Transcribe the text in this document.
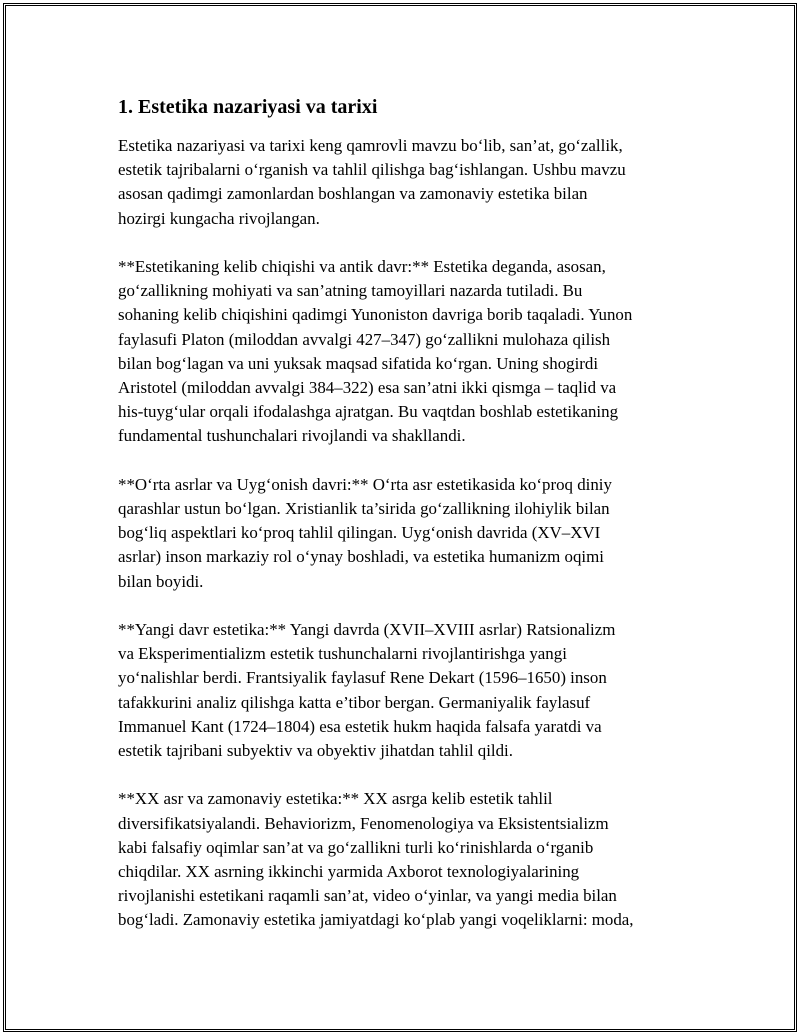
1. Estetika nazariyasi va tarixi

Estetika nazariyasi va tarixi keng qamrovli mavzu bo‘lib, san’at, go‘zallik,
estetik tajribalarni o‘rganish va tahlil qilishga bag‘ishlangan. Ushbu mavzu
asosan qadimgi zamonlardan boshlangan va zamonaviy estetika bilan
hozirgi kungacha rivojlangan.

**Estetikaning kelib chiqishi va antik davr:** Estetika deganda, asosan,
go‘zallikning mohiyati va san’atning tamoyillari nazarda tutiladi. Bu
sohaning kelib chiqishini qadimgi Yunoniston davriga borib taqaladi. Yunon
faylasufi Platon (miloddan avvalgi 427–347) go‘zallikni mulohaza qilish
bilan bog‘lagan va uni yuksak maqsad sifatida ko‘rgan. Uning shogirdi
Aristotel (miloddan avvalgi 384–322) esa san’atni ikki qismga – taqlid va
his-tuyg‘ular orqali ifodalashga ajratgan. Bu vaqtdan boshlab estetikaning
fundamental tushunchalari rivojlandi va shakllandi.

**O‘rta asrlar va Uyg‘onish davri:** O‘rta asr estetikasida ko‘proq diniy
qarashlar ustun bo‘lgan. Xristianlik ta’sirida go‘zallikning ilohiylik bilan
bog‘liq aspektlari ko‘proq tahlil qilingan. Uyg‘onish davrida (XV–XVI
asrlar) inson markaziy rol o‘ynay boshladi, va estetika humanizm oqimi
bilan boyidi.

**Yangi davr estetika:** Yangi davrda (XVII–XVIII asrlar) Ratsionalizm
va Eksperimentializm estetik tushunchalarni rivojlantirishga yangi
yo‘nalishlar berdi. Frantsiyalik faylasuf Rene Dekart (1596–1650) inson
tafakkurini analiz qilishga katta e’tibor bergan. Germaniyalik faylasuf
Immanuel Kant (1724–1804) esa estetik hukm haqida falsafa yaratdi va
estetik tajribani subyektiv va obyektiv jihatdan tahlil qildi.

**XX asr va zamonaviy estetika:** XX asrga kelib estetik tahlil
diversifikatsiyalandi. Behaviorizm, Fenomenologiya va Eksistentsializm
kabi falsafiy oqimlar san’at va go‘zallikni turli ko‘rinishlarda o‘rganib
chiqdilar. XX asrning ikkinchi yarmida Axborot texnologiyalarining
rivojlanishi estetikani raqamli san’at, video o‘yinlar, va yangi media bilan
bog‘ladi. Zamonaviy estetika jamiyatdagi ko‘plab yangi voqeliklarni: moda,
